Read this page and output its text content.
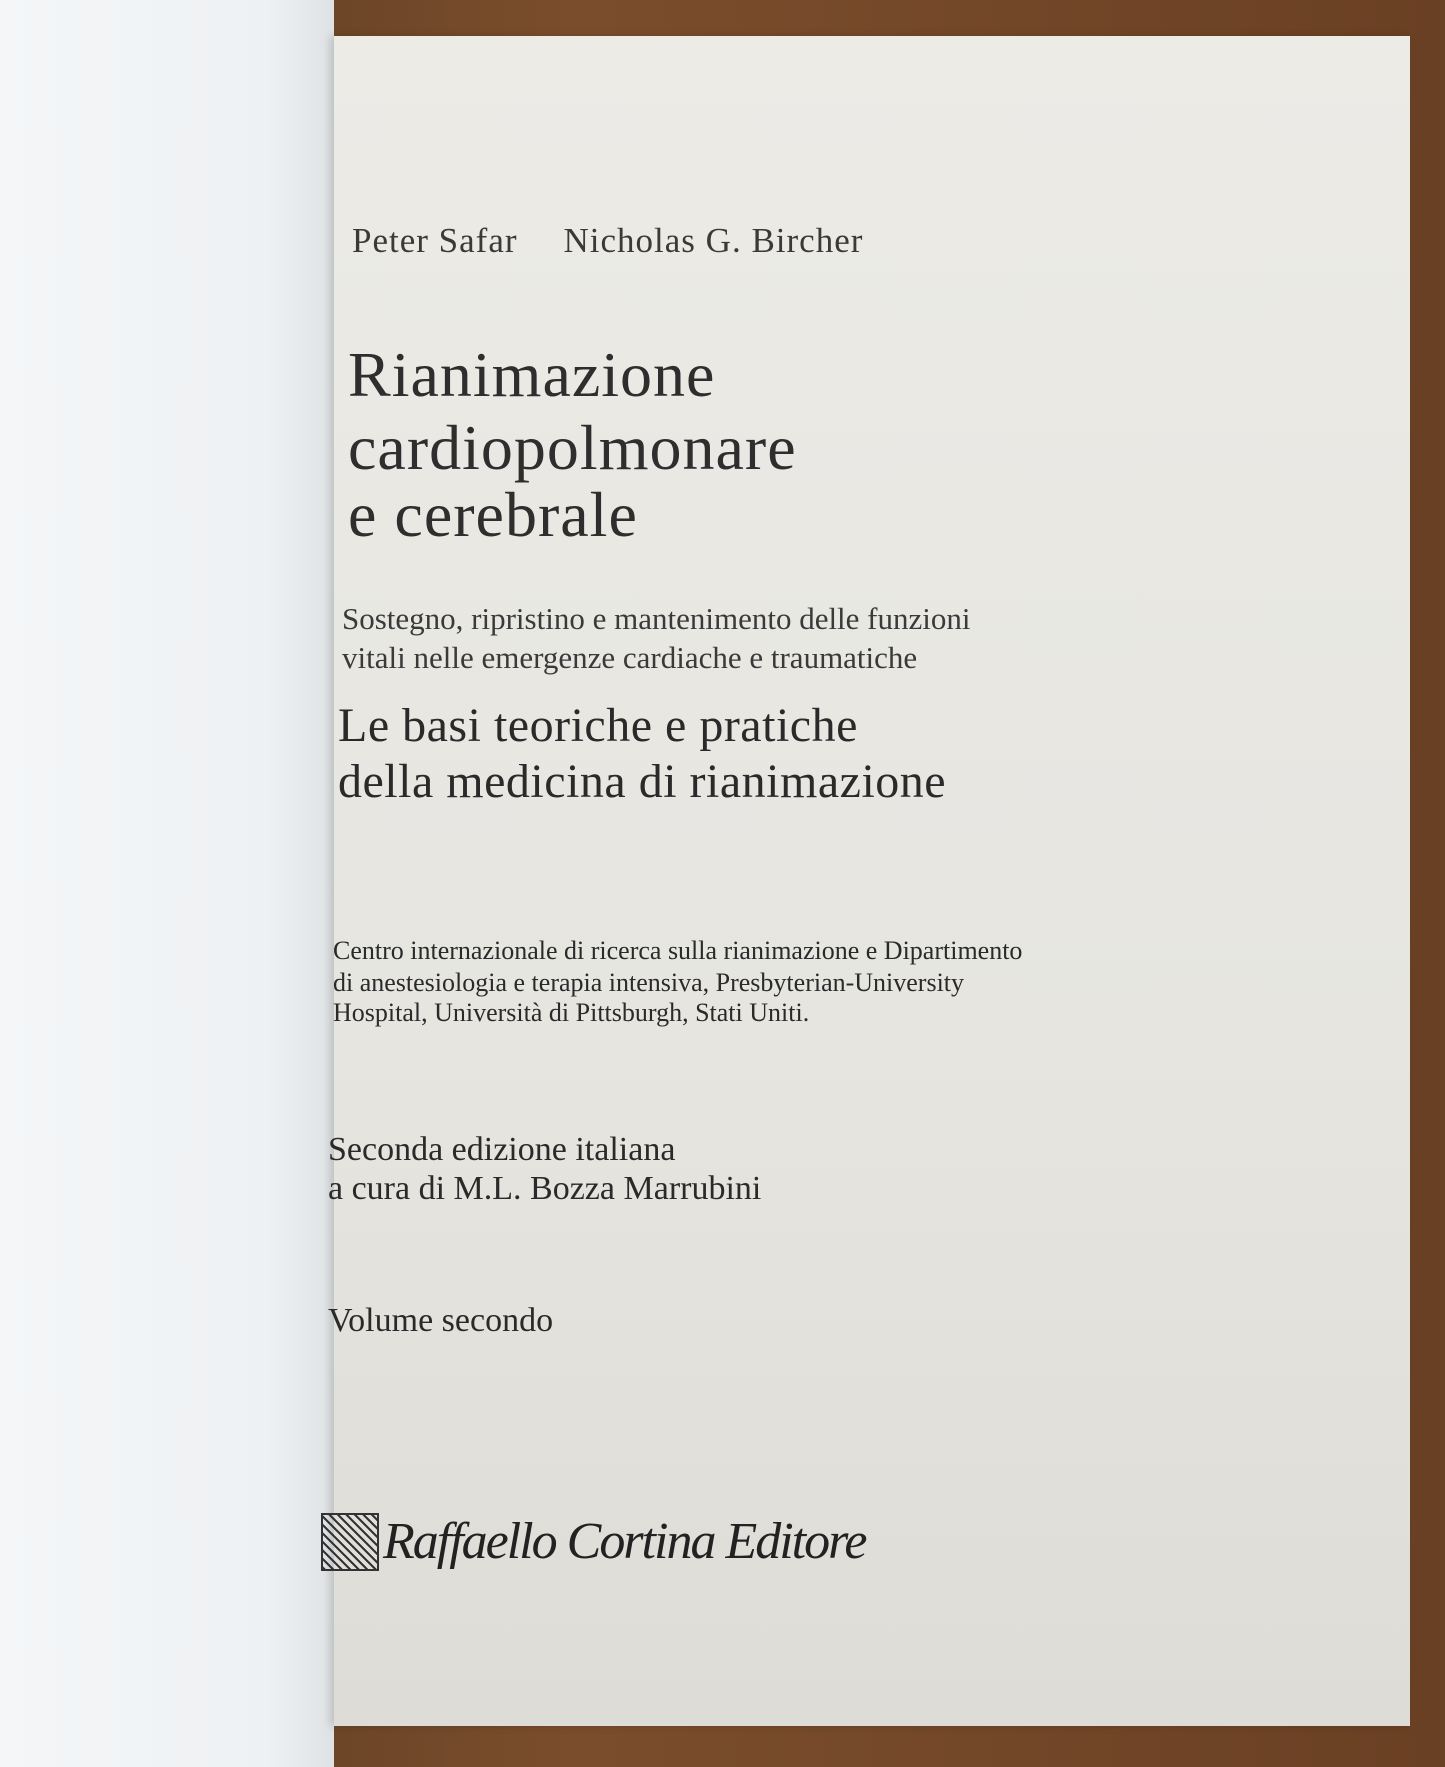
Peter Safar Nicholas G. Bircher
Rianimazione
cardiopolmonare
e cerebrale
Sostegno, ripristino e mantenimento delle funzioni
vitali nelle emergenze cardiache e traumatiche
Le basi teoriche e pratiche
della medicina di rianimazione
Centro internazionale di ricerca sulla rianimazione e Dipartimento
di anestesiologia e terapia intensiva, Presbyterian-University
Hospital, Università di Pittsburgh, Stati Uniti.
Seconda edizione italiana
a cura di M.L. Bozza Marrubini
Volume secondo
Raffaello Cortina Editore
